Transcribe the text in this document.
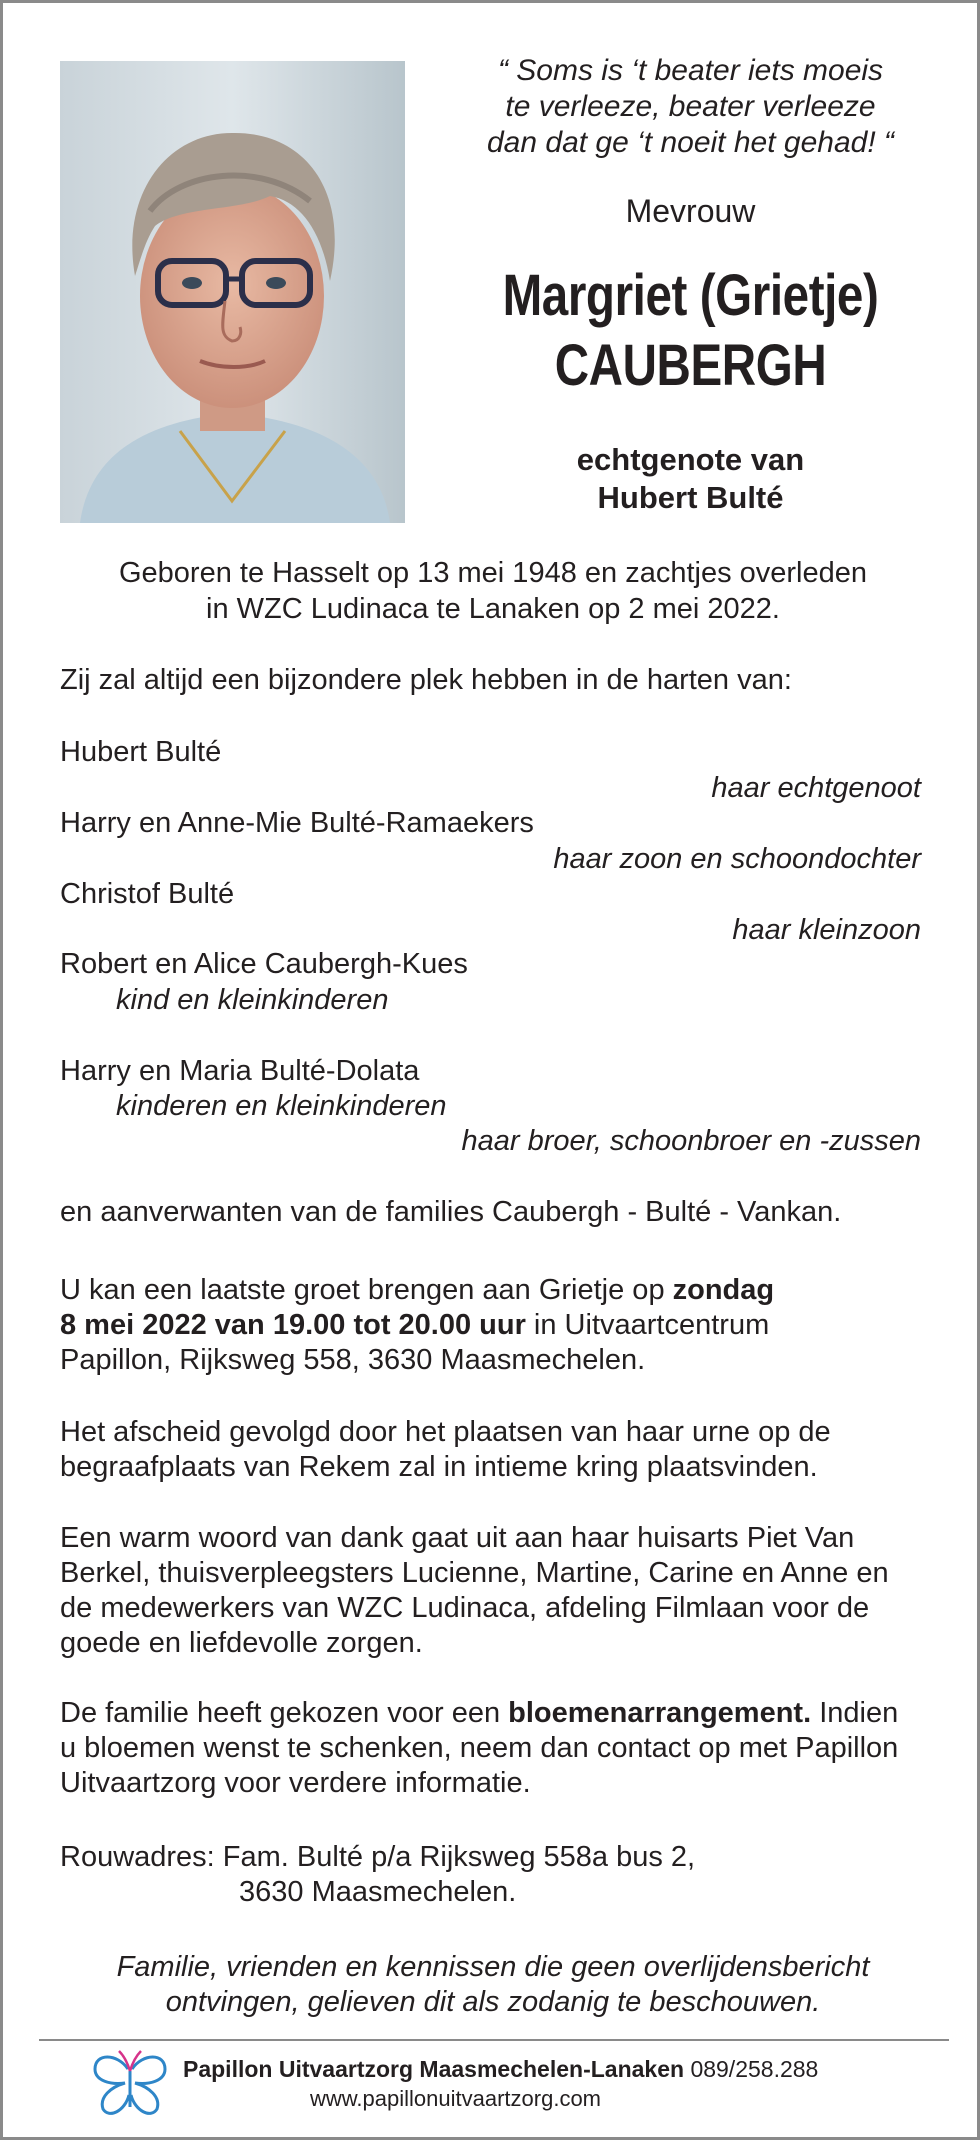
“ Soms is ‘t beater iets moeis
te verleeze, beater verleeze
dan dat ge ‘t noeit het gehad! “
Mevrouw
Margriet (Grietje)
CAUBERGH
echtgenote van
Hubert Bulté
Geboren te Hasselt op 13 mei 1948 en zachtjes overleden
in WZC Ludinaca te Lanaken op 2 mei 2022.
Zij zal altijd een bijzondere plek hebben in de harten van:
Hubert Bulté
haar echtgenoot
Harry en Anne-Mie Bulté-Ramaekers
haar zoon en schoondochter
Christof Bulté
haar kleinzoon
Robert en Alice Caubergh-Kues
kind en kleinkinderen
Harry en Maria Bulté-Dolata
kinderen en kleinkinderen
haar broer, schoonbroer en -zussen
en aanverwanten van de families Caubergh - Bulté - Vankan.
U kan een laatste groet brengen aan Grietje op zondag
8 mei 2022 van 19.00 tot 20.00 uur in Uitvaartcentrum
Papillon, Rijksweg 558, 3630 Maasmechelen.
Het afscheid gevolgd door het plaatsen van haar urne op de begraafplaats van Rekem zal in intieme kring plaatsvinden.
Een warm woord van dank gaat uit aan haar huisarts Piet Van Berkel, thuisverpleegsters Lucienne, Martine, Carine en Anne en de medewerkers van WZC Ludinaca, afdeling Filmlaan voor de goede en liefdevolle zorgen.
De familie heeft gekozen voor een bloemenarrangement. Indien u bloemen wenst te schenken, neem dan contact op met Papillon Uitvaartzorg voor verdere informatie.
Rouwadres: Fam. Bulté p/a Rijksweg 558a bus 2,
3630 Maasmechelen.
Familie, vrienden en kennissen die geen overlijdensbericht ontvingen, gelieven dit als zodanig te beschouwen.
Papillon Uitvaartzorg Maasmechelen-Lanaken 089/258.288
www.papillonuitvaartzorg.com
